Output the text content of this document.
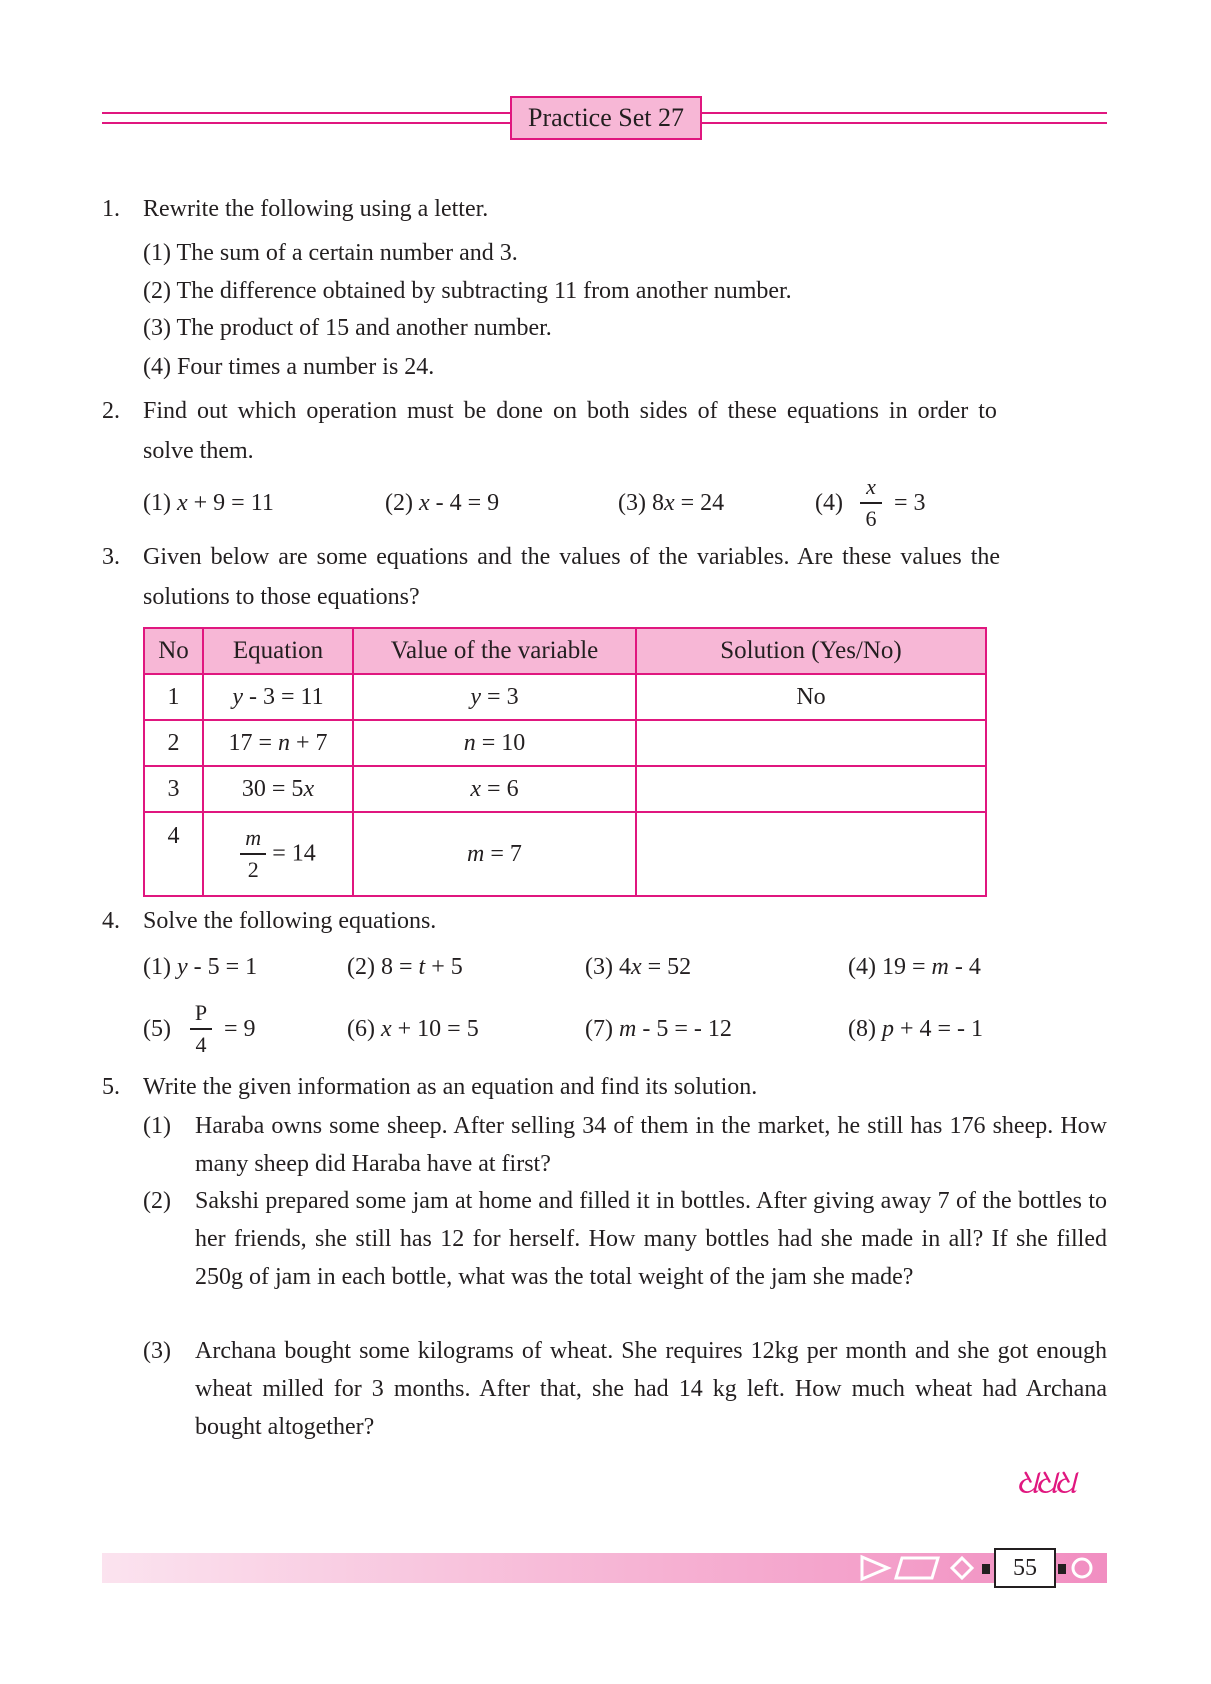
Practice Set 27
1. Rewrite the following using a letter.
(1) The sum of a certain number and 3.
(2) The difference obtained by subtracting 11 from another number.
(3) The product of 15 and another number.
(4) Four times a number is 24.
2. Find out which operation must be done on both sides of these equations in order to
solve them.
(1) x + 9 = 11	(2) x - 4 = 9	(3) 8x = 24	(4)
x
6
= 3
3. Given below are some equations and the values of the variables. Are these values the
solutions to those equations?
No	Equation	Value of the variable	Solution (Yes/No)
1	y - 3 = 11	y = 3	No
2	17 = n + 7	n = 10	
3	30 = 5x	x = 6	
4	$\frac{m}{2} = 14$	m = 7	
4. Solve the following equations.
(1) y - 5 = 1	(2) 8 = t + 5	(3) 4x = 52	(4) 19 = m - 4
(5)
P
4
= 9	(6) x + 10 = 5	(7) m - 5 = - 12	(8) p + 4 = - 1
5. Write the given information as an equation and find its solution.
(1) Haraba owns some sheep. After selling 34 of them in the market, he still has 176 sheep. How many sheep did Haraba have at first?
(2) Sakshi prepared some jam at home and filled it in bottles. After giving away 7 of the bottles to her friends, she still has 12 for herself. How many bottles had she made in all? If she filled 250g of jam in each bottle, what was the total weight of the jam she made?
(3) Archana bought some kilograms of wheat. She requires 12kg per month and she got enough wheat milled for 3 months. After that, she had 14 kg left. How much wheat had Archana bought altogether?
ଧଧଧ
55
